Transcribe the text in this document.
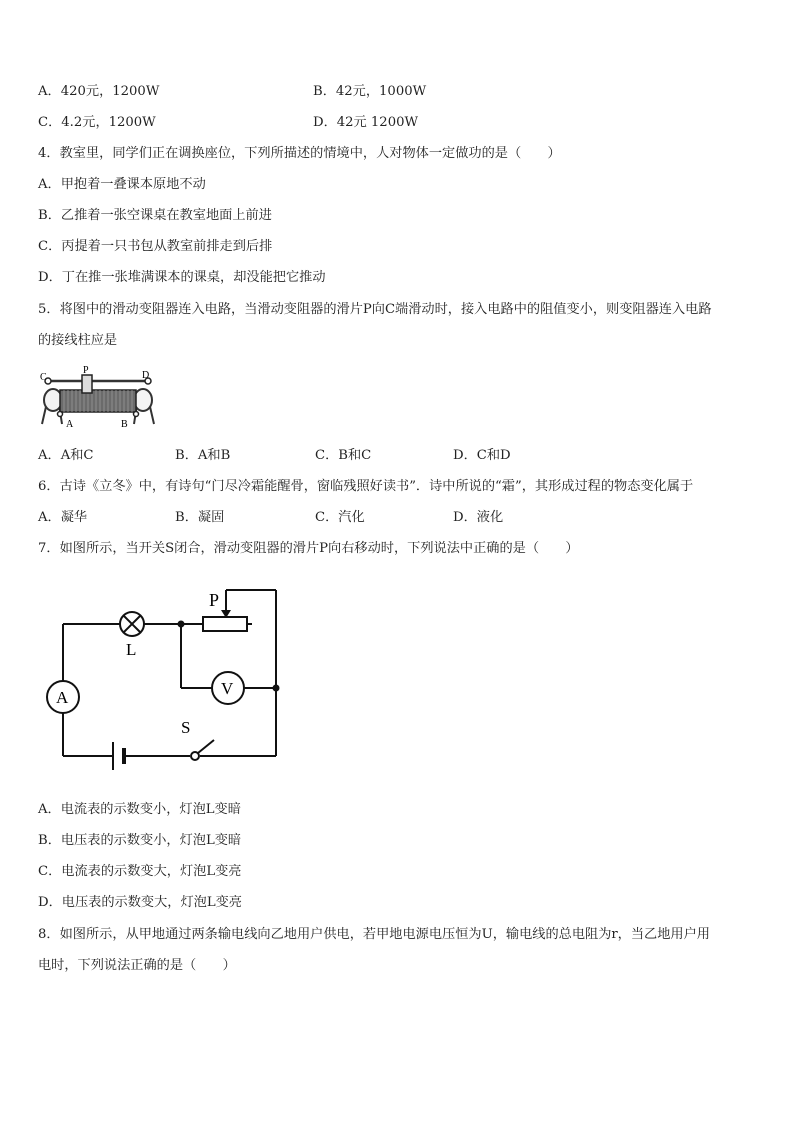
A．420元，1200W	B．42元，1000W
C．4.2元，1200W	D．42元 1200W
4．教室里，同学们正在调换座位，下列所描述的情境中，人对物体一定做功的是（　　）
A．甲抱着一叠课本原地不动
B．乙推着一张空课桌在教室地面上前进
C．丙提着一只书包从教室前排走到后排
D．丁在推一张堆满课本的课桌，却没能把它推动
5．将图中的滑动变阻器连入电路，当滑动变阻器的滑片P向C端滑动时，接入电路中的阻值变小，则变阻器连入电路
的接线柱应是
C
P	D
A	B
A．A和C	B．A和B	C．B和C	D．C和D
6．古诗《立冬》中，有诗句“门尽冷霜能醒骨，窗临残照好读书”．诗中所说的“霜”，其形成过程的物态变化属于
A．凝华	B．凝固	C．汽化	D．液化
7．如图所示，当开关S闭合，滑动变阻器的滑片P向右移动时，下列说法中正确的是（　　）
P
L
A	V
S
A．电流表的示数变小，灯泡L变暗
B．电压表的示数变小，灯泡L变暗
C．电流表的示数变大，灯泡L变亮
D．电压表的示数变大，灯泡L变亮
8．如图所示，从甲地通过两条输电线向乙地用户供电，若甲地电源电压恒为U，输电线的总电阻为r，当乙地用户用
电时，下列说法正确的是（　　）
